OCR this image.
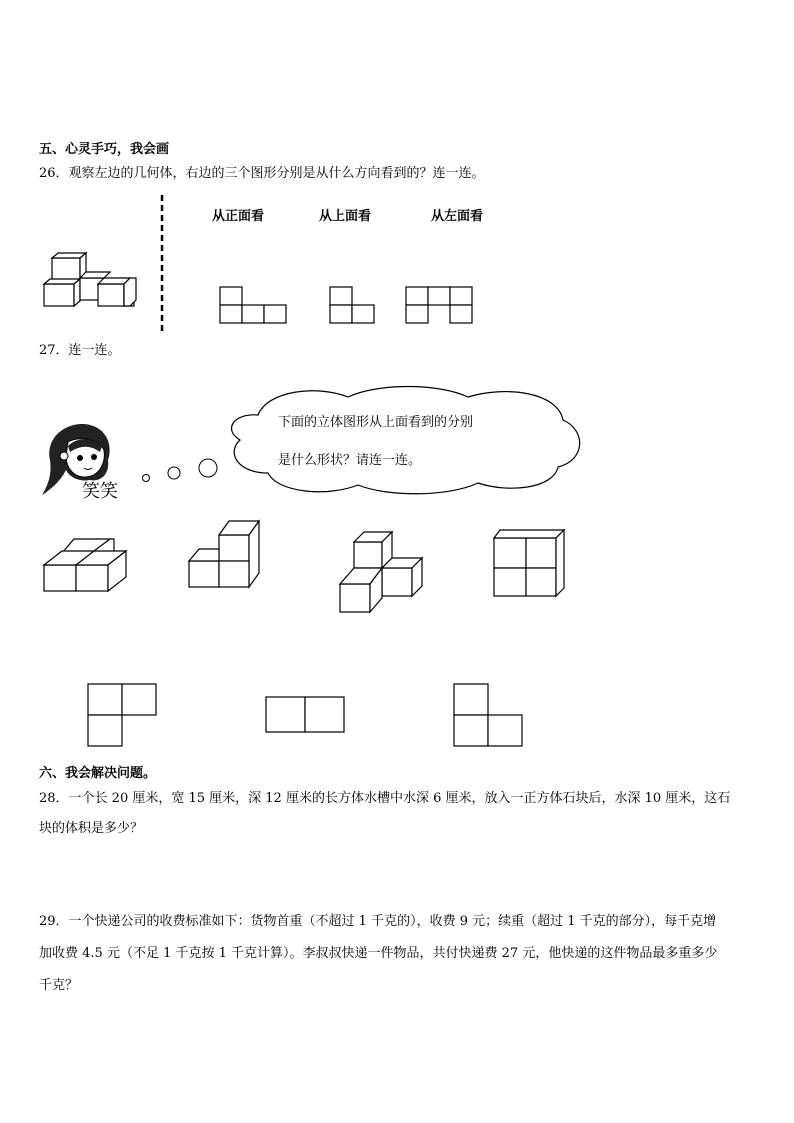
五、心灵手巧，我会画
26．观察左边的几何体，右边的三个图形分别是从什么方向看到的？连一连。
从正面看	从上面看	从左面看
27．连一连。
笑笑
下面的立体图形从上面看到的分别
是什么形状？请连一连。
六、我会解决问题。
28．一个长 20 厘米，宽 15 厘米，深 12 厘米的长方体水槽中水深 6 厘米，放入一正方体石块后，水深 10 厘米，这石
块的体积是多少？
29．一个快递公司的收费标准如下：货物首重（不超过 1 千克的），收费 9 元；续重（超过 1 千克的部分），每千克增
加收费 4.5 元（不足 1 千克按 1 千克计算）。李叔叔快递一件物品，共付快递费 27 元，他快递的这件物品最多重多少
千克？
